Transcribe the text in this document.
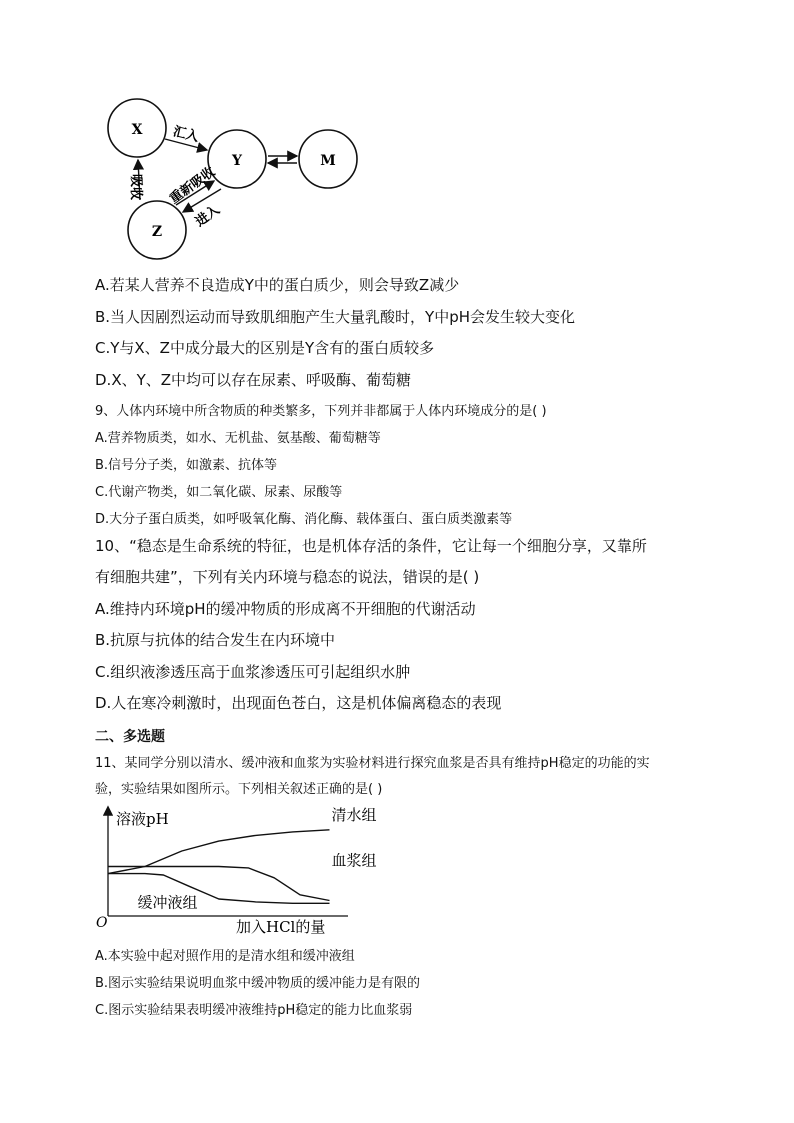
X
Y	M
Z
汇入
重新吸收
进入
吸收
A.若某人营养不良造成Y中的蛋白质少，则会导致Z减少
B.当人因剧烈运动而导致肌细胞产生大量乳酸时，Y中pH会发生较大变化
C.Y与X、Z中成分最大的区别是Y含有的蛋白质较多
D.X、Y、Z中均可以存在尿素、呼吸酶、葡萄糖
9、人体内环境中所含物质的种类繁多，下列并非都属于人体内环境成分的是( )
A.营养物质类，如水、无机盐、氨基酸、葡萄糖等
B.信号分子类，如激素、抗体等
C.代谢产物类，如二氧化碳、尿素、尿酸等
D.大分子蛋白质类，如呼吸氧化酶、消化酶、载体蛋白、蛋白质类激素等
10、“稳态是生命系统的特征，也是机体存活的条件，它让每一个细胞分享，又靠所
有细胞共建”，下列有关内环境与稳态的说法，错误的是( )
A.维持内环境pH的缓冲物质的形成离不开细胞的代谢活动
B.抗原与抗体的结合发生在内环境中
C.组织液渗透压高于血浆渗透压可引起组织水肿
D.人在寒冷刺激时，出现面色苍白，这是机体偏离稳态的表现
二、多选题
11、某同学分别以清水、缓冲液和血浆为实验材料进行探究血浆是否具有维持pH稳定的功能的实
验，实验结果如图所示。下列相关叙述正确的是( )
溶液pH
加入HCl的量
O
清水组
血浆组
缓冲液组
A.本实验中起对照作用的是清水组和缓冲液组
B.图示实验结果说明血浆中缓冲物质的缓冲能力是有限的
C.图示实验结果表明缓冲液维持pH稳定的能力比血浆弱
